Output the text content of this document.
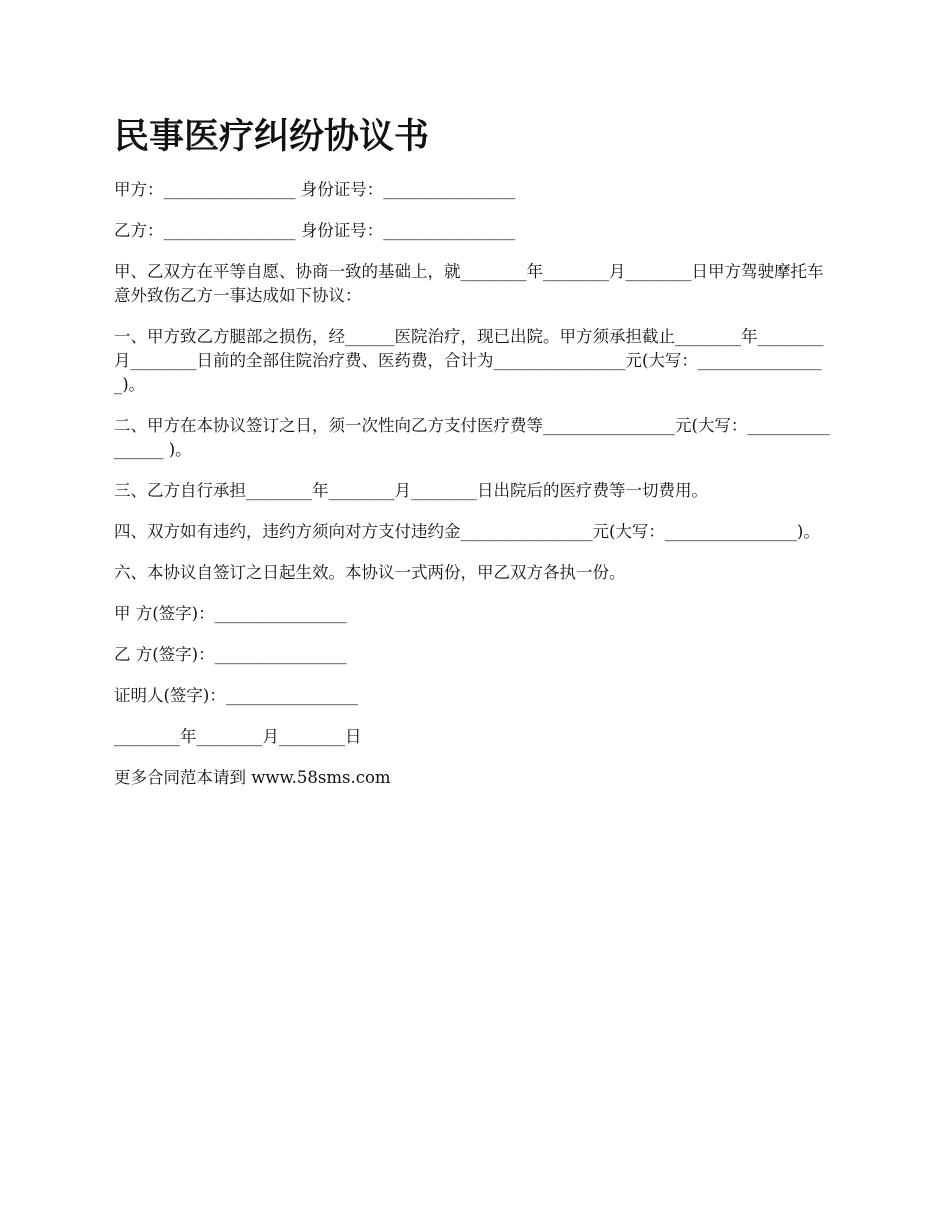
民事医疗纠纷协议书

甲方：________________ 身份证号：________________

乙方：________________ 身份证号：________________

甲、乙双方在平等自愿、协商一致的基础上，就________年________月________日甲方驾驶摩托车意外致伤乙方一事达成如下协议：

一、甲方致乙方腿部之损伤，经______医院治疗，现已出院。甲方须承担截止________年________月________日前的全部住院治疗费、医药费，合计为________________元(大写：________________)。

二、甲方在本协议签订之日，须一次性向乙方支付医疗费等________________元(大写：________________ )。

三、乙方自行承担________年________月________日出院后的医疗费等一切费用。

四、双方如有违约，违约方须向对方支付违约金________________元(大写：________________)。

六、本协议自签订之日起生效。本协议一式两份，甲乙双方各执一份。

甲 方(签字)：________________

乙 方(签字)：________________

证明人(签字)：________________

________年________月________日

更多合同范本请到 www.58sms.com
